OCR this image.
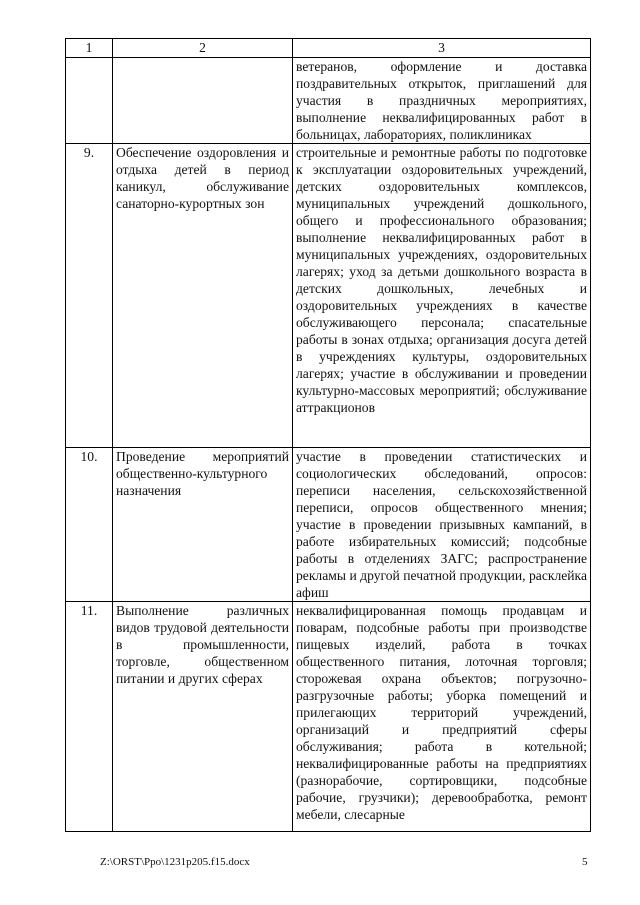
1	2	3
		ветеранов, оформление и доставка поздравительных открыток, приглашений для участия в праздничных мероприятиях, выполнение неквалифицированных работ в больницах, лабораториях, поликлиниках
9.	Обеспечение оздоровления и отдыха детей в период каникул, обслуживание санаторно-курортных зон	строительные и ремонтные работы по подготовке к эксплуатации оздоровительных учреждений, детских оздоровительных комплексов, муниципальных учреждений дошкольного, общего и профессионального образования; выполнение неквалифицированных работ в муниципальных учреждениях, оздоровительных лагерях; уход за детьми дошкольного возраста в детских дошкольных, лечебных и оздоровительных учреждениях в качестве обслуживающего персонала; спасательные работы в зонах отдыха; организация досуга детей в учреждениях культуры, оздоровительных лагерях; участие в обслуживании и проведении культурно-массовых мероприятий; обслуживание аттракционов
10.	Проведение мероприятий общественно-культурного назначения	участие в проведении статистических и социологических обследований, опросов: переписи населения, сельскохозяйственной переписи, опросов общественного мнения; участие в проведении призывных кампаний, в работе избирательных комиссий; подсобные работы в отделениях ЗАГС; распространение рекламы и другой печатной продукции, расклейка афиш
11.	Выполнение различных видов трудовой деятельности в промышленности, торговле, общественном питании и других сферах	неквалифицированная помощь продавцам и поварам, подсобные работы при производстве пищевых изделий, работа в точках общественного питания, лоточная торговля; сторожевая охрана объектов; погрузочно-разгрузочные работы; уборка помещений и прилегающих территорий учреждений, организаций и предприятий сферы обслуживания; работа в котельной; неквалифицированные работы на предприятиях (разнорабочие, сортировщики, подсобные рабочие, грузчики); деревообработка, ремонт мебели, слесарные
Z:\ORST\Ppo\1231p205.f15.docx	5
